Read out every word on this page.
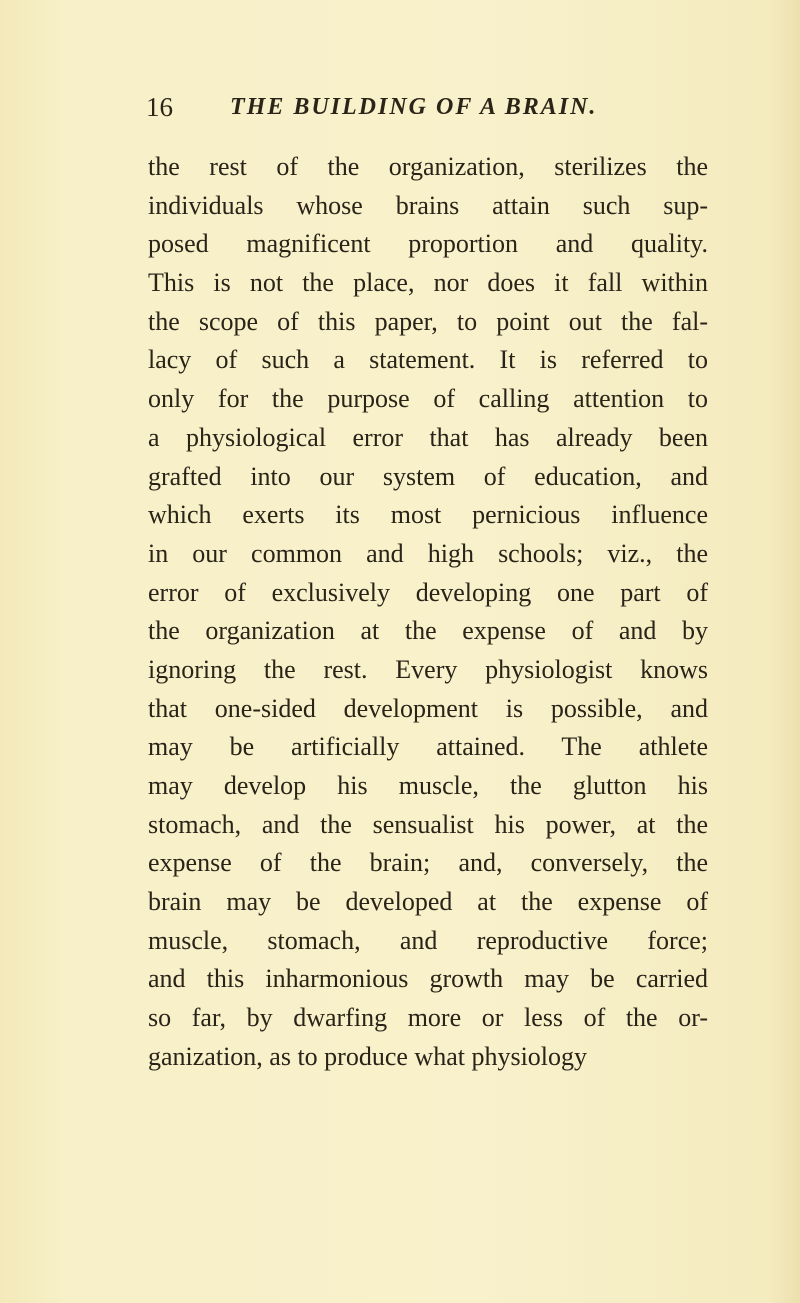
16 THE BUILDING OF A BRAIN.
the rest of the organization, sterilizes the
individuals whose brains attain such sup-
posed magnificent proportion and quality.
This is not the place, nor does it fall within
the scope of this paper, to point out the fal-
lacy of such a statement. It is referred to
only for the purpose of calling attention to
a physiological error that has already been
grafted into our system of education, and
which exerts its most pernicious influence
in our common and high schools; viz., the
error of exclusively developing one part of
the organization at the expense of and by
ignoring the rest. Every physiologist knows
that one-sided development is possible, and
may be artificially attained. The athlete
may develop his muscle, the glutton his
stomach, and the sensualist his power, at the
expense of the brain; and, conversely, the
brain may be developed at the expense of
muscle, stomach, and reproductive force;
and this inharmonious growth may be carried
so far, by dwarfing more or less of the or-
ganization, as to produce what physiology
